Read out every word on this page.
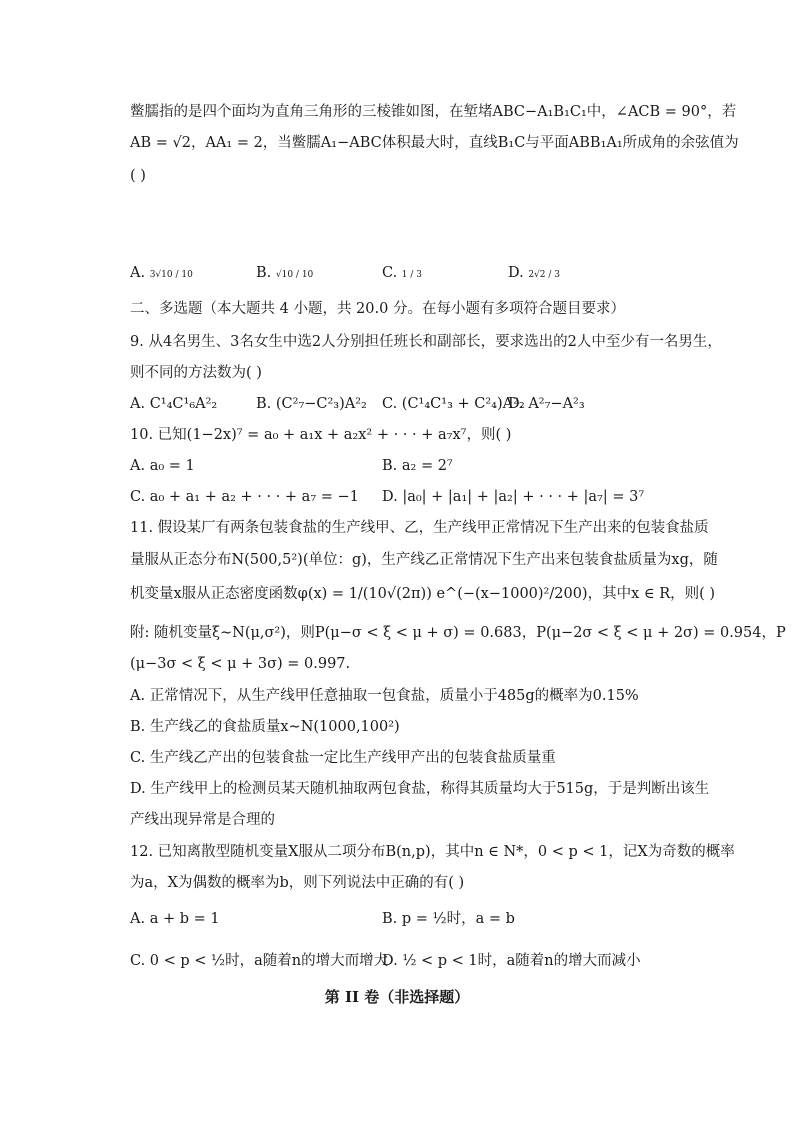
鳖臑指的是四个面均为直角三角形的三棱锥如图，在堑堵ABC−A₁B₁C₁中，∠ACB = 90°，若
AB = √2，AA₁ = 2，当鳖臑A₁−ABC体积最大时，直线B₁C与平面ABB₁A₁所成角的余弦值为
( )
A. 3√10 / 10	B. √10 / 10	C. 1 / 3	D. 2√2 / 3
二、多选题（本大题共 4 小题，共 20.0 分。在每小题有多项符合题目要求）
9. 从4名男生、3名女生中选2人分别担任班长和副部长，要求选出的2人中至少有一名男生，
则不同的方法数为( )
A. C¹₄C¹₆A²₂	B. (C²₇−C²₃)A²₂ C. (C¹₄C¹₃ + C²₄)A²₂
D. A²₇−A²₃
10. 已知(1−2x)⁷ = a₀ + a₁x + a₂x² + · · · + a₇x⁷，则( )
A. a₀ = 1	B. a₂ = 2⁷
C. a₀ + a₁ + a₂ + · · · + a₇ = −1 D. |a₀| + |a₁| + |a₂| + · · · + |a₇| = 3⁷
11. 假设某厂有两条包装食盐的生产线甲、乙，生产线甲正常情况下生产出来的包装食盐质
量服从正态分布N(500,5²)(单位：g)，生产线乙正常情况下生产出来包装食盐质量为xg，随
机变量x服从正态密度函数φ(x) = 1/(10√(2π)) e^(−(x−1000)²/200)，其中x ∈ R，则( )
附: 随机变量ξ∼N(μ,σ²)，则P(μ−σ < ξ < μ + σ) = 0.683，P(μ−2σ < ξ < μ + 2σ) = 0.954，P
(μ−3σ < ξ < μ + 3σ) = 0.997.
A. 正常情况下，从生产线甲任意抽取一包食盐，质量小于485g的概率为0.15%
B. 生产线乙的食盐质量x∼N(1000,100²)
C. 生产线乙产出的包装食盐一定比生产线甲产出的包装食盐质量重
D. 生产线甲上的检测员某天随机抽取两包食盐，称得其质量均大于515g，于是判断出该生
产线出现异常是合理的
12. 已知离散型随机变量X服从二项分布B(n,p)，其中n ∈ N*，0 < p < 1，记X为奇数的概率
为a，X为偶数的概率为b，则下列说法中正确的有( )
A. a + b = 1	B. p = ½时，a = b
C. 0 < p < ½时，a随着n的增大而增大
D. ½ < p < 1时，a随着n的增大而减小
第 II 卷（非选择题）
